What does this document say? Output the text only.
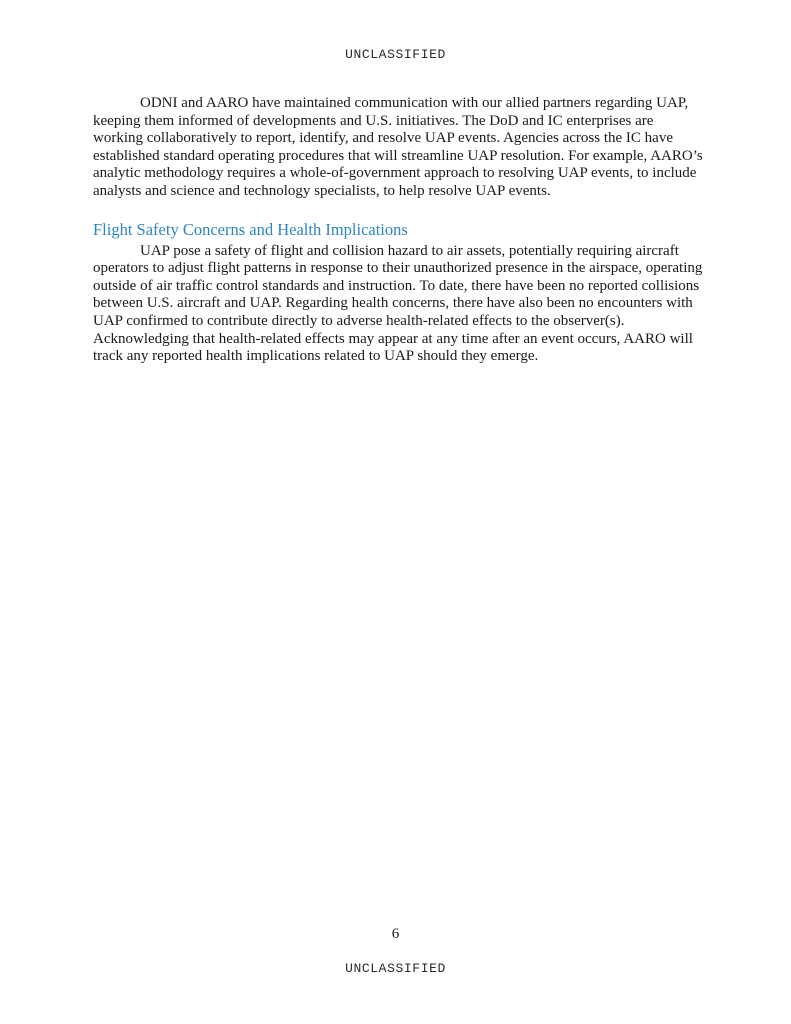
UNCLASSIFIED

ODNI and AARO have maintained communication with our allied partners regarding UAP, keeping them informed of developments and U.S. initiatives. The DoD and IC enterprises are working collaboratively to report, identify, and resolve UAP events. Agencies across the IC have established standard operating procedures that will streamline UAP resolution. For example, AARO’s analytic methodology requires a whole-of-government approach to resolving UAP events, to include analysts and science and technology specialists, to help resolve UAP events.

Flight Safety Concerns and Health Implications

UAP pose a safety of flight and collision hazard to air assets, potentially requiring aircraft operators to adjust flight patterns in response to their unauthorized presence in the airspace, operating outside of air traffic control standards and instruction. To date, there have been no reported collisions between U.S. aircraft and UAP. Regarding health concerns, there have also been no encounters with UAP confirmed to contribute directly to adverse health-related effects to the observer(s). Acknowledging that health-related effects may appear at any time after an event occurs, AARO will track any reported health implications related to UAP should they emerge.

6
UNCLASSIFIED
